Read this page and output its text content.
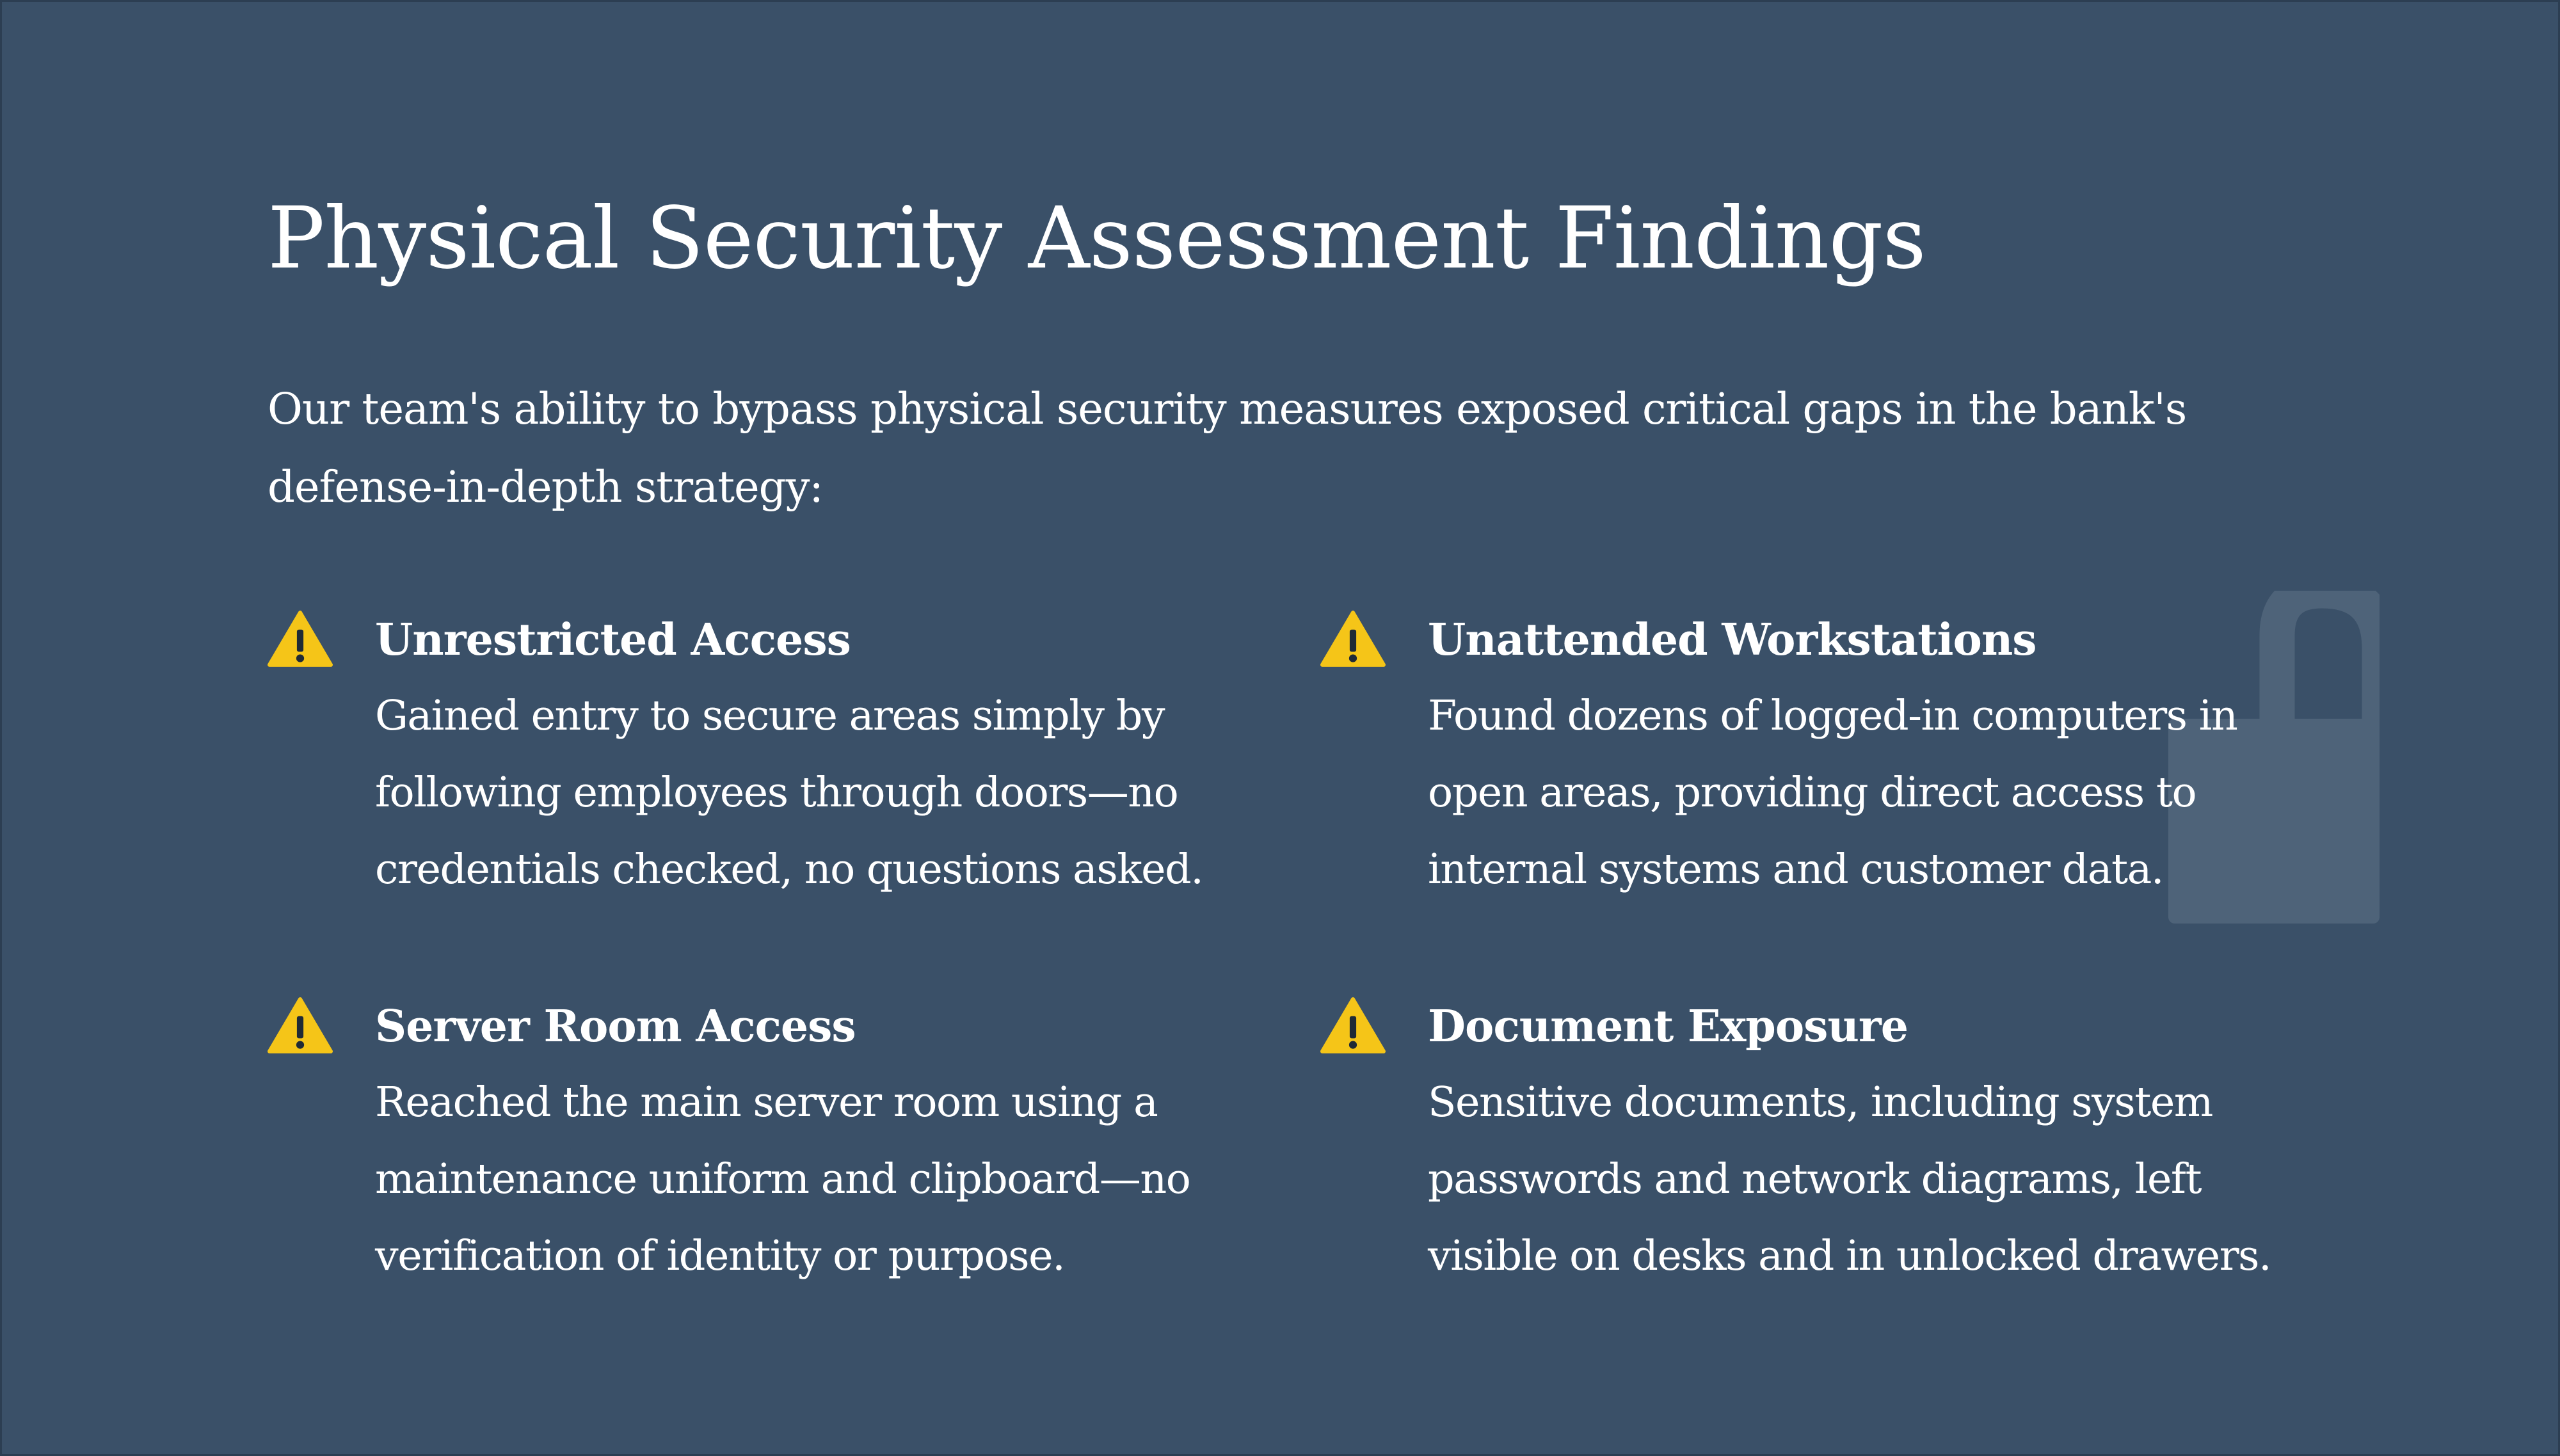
Physical Security Assessment Findings

Our team's ability to bypass physical security measures exposed critical gaps in the bank's defense-in-depth strategy:

Unrestricted Access

Gained entry to secure areas simply by following employees through doors—no credentials checked, no questions asked.

Unattended Workstations

Found dozens of logged-in computers in open areas, providing direct access to internal systems and customer data.

Server Room Access

Reached the main server room using a maintenance uniform and clipboard—no verification of identity or purpose.

Document Exposure

Sensitive documents, including system passwords and network diagrams, left visible on desks and in unlocked drawers.
